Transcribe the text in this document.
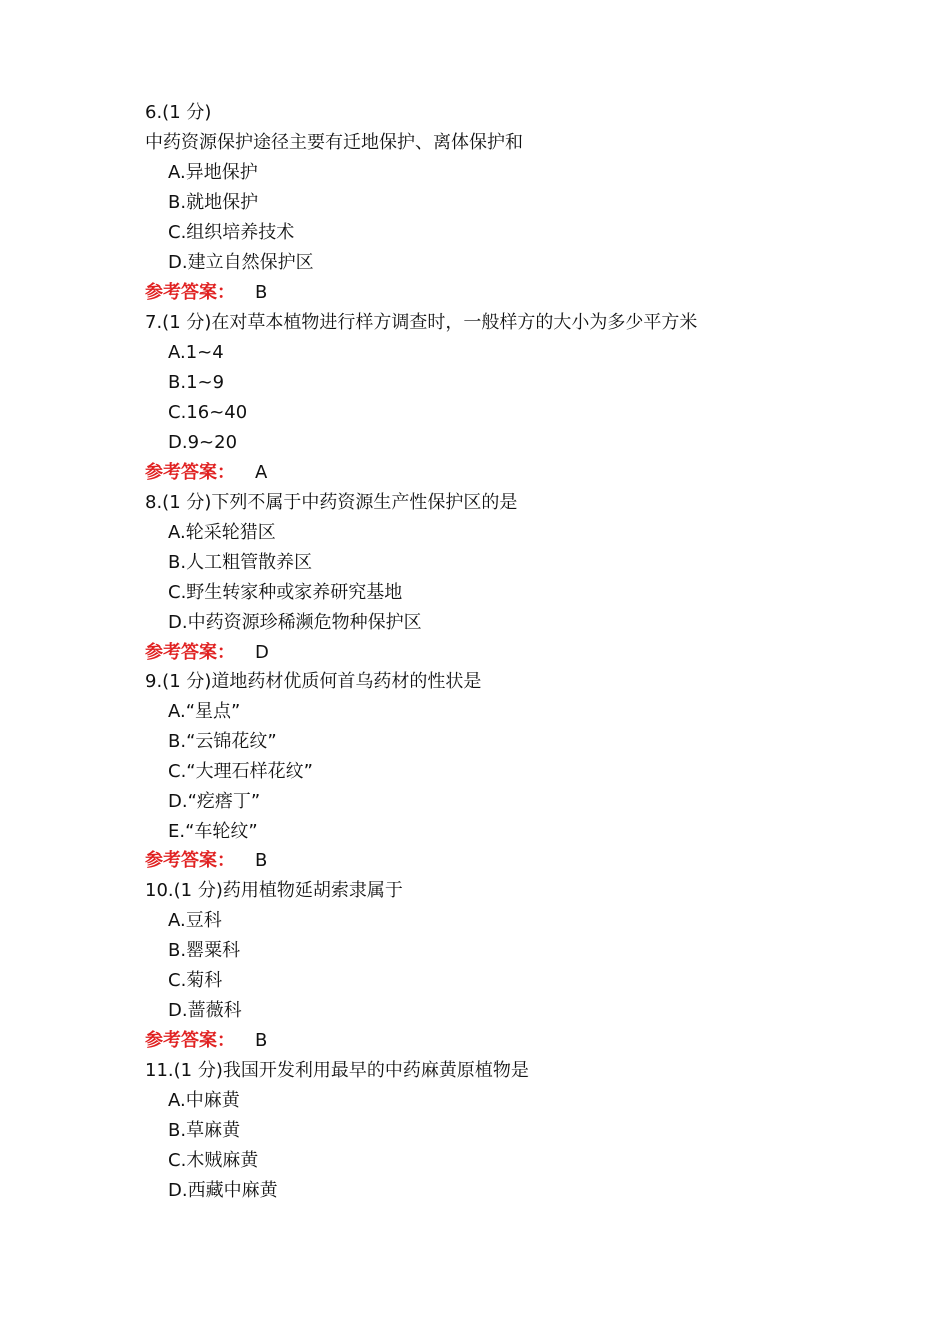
6.(1 分)
中药资源保护途径主要有迁地保护、离体保护和
A.异地保护
B.就地保护
C.组织培养技术
D.建立自然保护区
参考答案： B
7.(1 分)在对草本植物进行样方调查时，一般样方的大小为多少平方米
A.1~4
B.1~9
C.16~40
D.9~20
参考答案： A
8.(1 分)下列不属于中药资源生产性保护区的是
A.轮采轮猎区
B.人工粗管散养区
C.野生转家种或家养研究基地
D.中药资源珍稀濒危物种保护区
参考答案： D
9.(1 分)道地药材优质何首乌药材的性状是
A.“星点”
B.“云锦花纹”
C.“大理石样花纹”
D.“疙瘩丁”
E.“车轮纹”
参考答案： B
10.(1 分)药用植物延胡索隶属于
A.豆科
B.罂粟科
C.菊科
D.蔷薇科
参考答案： B
11.(1 分)我国开发利用最早的中药麻黄原植物是
A.中麻黄
B.草麻黄
C.木贼麻黄
D.西藏中麻黄
